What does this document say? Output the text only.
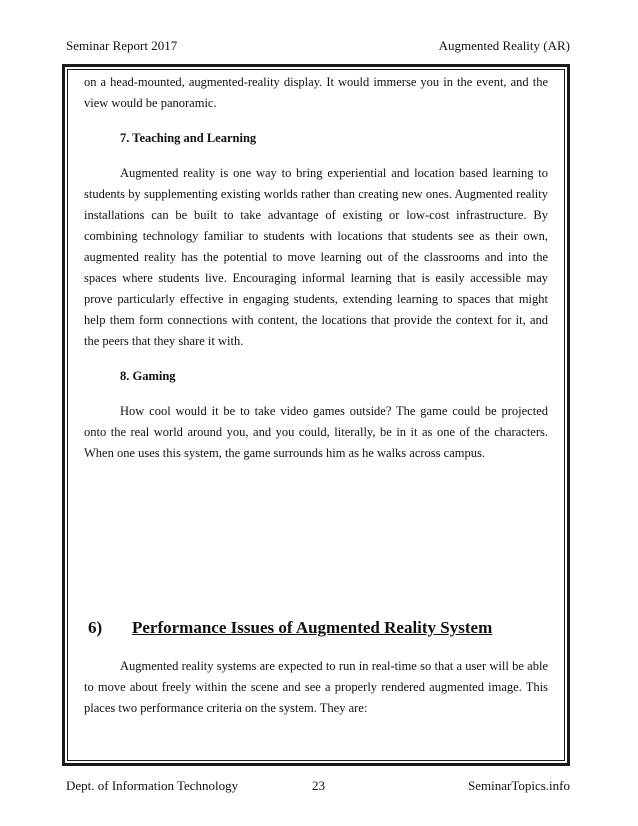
Seminar Report 2017	Augmented Reality (AR)

on a head-mounted, augmented-reality display. It would immerse you in the event, and the view would be panoramic.

7. Teaching and Learning

Augmented reality is one way to bring experiential and location based learning to students by supplementing existing worlds rather than creating new ones. Augmented reality installations can be built to take advantage of existing or low-cost infrastructure. By combining technology familiar to students with locations that students see as their own, augmented reality has the potential to move learning out of the classrooms and into the spaces where students live. Encouraging informal learning that is easily accessible may prove particularly effective in engaging students, extending learning to spaces that might help them form connections with content, the locations that provide the context for it, and the peers that they share it with.

8. Gaming

How cool would it be to take video games outside? The game could be projected onto the real world around you, and you could, literally, be in it as one of the characters. When one uses this system, the game surrounds him as he walks across campus.

6) Performance Issues of Augmented Reality System

Augmented reality systems are expected to run in real-time so that a user will be able to move about freely within the scene and see a properly rendered augmented image. This places two performance criteria on the system. They are:

Dept. of Information Technology	23	SeminarTopics.info
